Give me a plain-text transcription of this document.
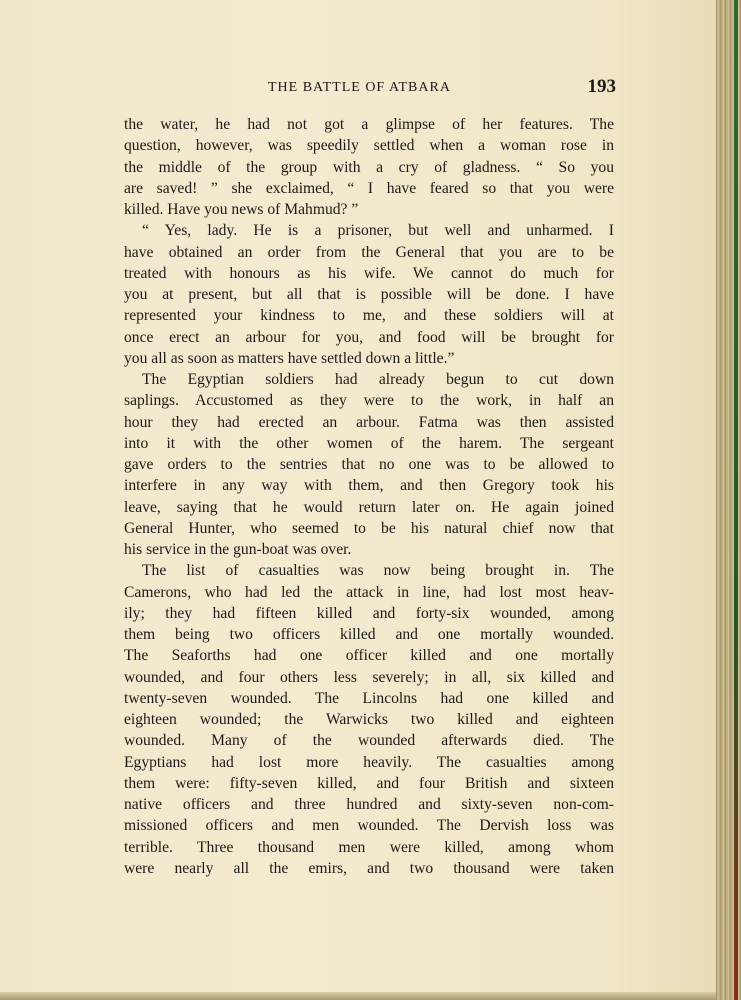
THE BATTLE OF ATBARA	193
the water, he had not got a glimpse of her features. The
question, however, was speedily settled when a woman rose in
the middle of the group with a cry of gladness. “ So you
are saved! ” she exclaimed, “ I have feared so that you were
killed. Have you news of Mahmud? ”
“ Yes, lady. He is a prisoner, but well and unharmed. I
have obtained an order from the General that you are to be
treated with honours as his wife. We cannot do much for
you at present, but all that is possible will be done. I have
represented your kindness to me, and these soldiers will at
once erect an arbour for you, and food will be brought for
you all as soon as matters have settled down a little.”
The Egyptian soldiers had already begun to cut down
saplings. Accustomed as they were to the work, in half an
hour they had erected an arbour. Fatma was then assisted
into it with the other women of the harem. The sergeant
gave orders to the sentries that no one was to be allowed to
interfere in any way with them, and then Gregory took his
leave, saying that he would return later on. He again joined
General Hunter, who seemed to be his natural chief now that
his service in the gun-boat was over.
The list of casualties was now being brought in. The
Camerons, who had led the attack in line, had lost most heav-
ily; they had fifteen killed and forty-six wounded, among
them being two officers killed and one mortally wounded.
The Seaforths had one officer killed and one mortally
wounded, and four others less severely; in all, six killed and
twenty-seven wounded. The Lincolns had one killed and
eighteen wounded; the Warwicks two killed and eighteen
wounded. Many of the wounded afterwards died. The
Egyptians had lost more heavily. The casualties among
them were: fifty-seven killed, and four British and sixteen
native officers and three hundred and sixty-seven non-com-
missioned officers and men wounded. The Dervish loss was
terrible. Three thousand men were killed, among whom
were nearly all the emirs, and two thousand were taken
